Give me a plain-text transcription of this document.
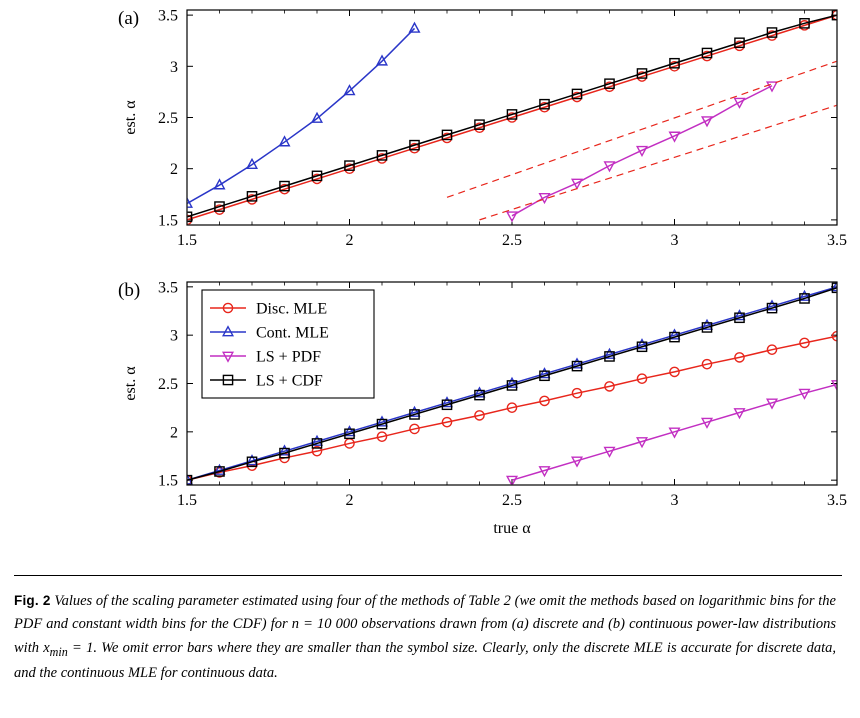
1.5	2	2.5	3	3.5
1.5
2
2.5
3
3.5
est. α
(a)
1.5	2	2.5	3	3.5
1.5
2
2.5
3
3.5
est. α
(b)
true α
Disc. MLE
Cont. MLE
LS + PDF
LS + CDF
Fig. 2 Values of the scaling parameter estimated using four of the methods of Table 2 (we omit the methods based on logarithmic bins for the PDF and constant width bins for the CDF) for n = 10 000 observations drawn from (a) discrete and (b) continuous power-law distributions with $x_{min} = 1$. We omit error bars where they are smaller than the symbol size. Clearly, only the discrete MLE is accurate for discrete data, and the continuous MLE for continuous data.
